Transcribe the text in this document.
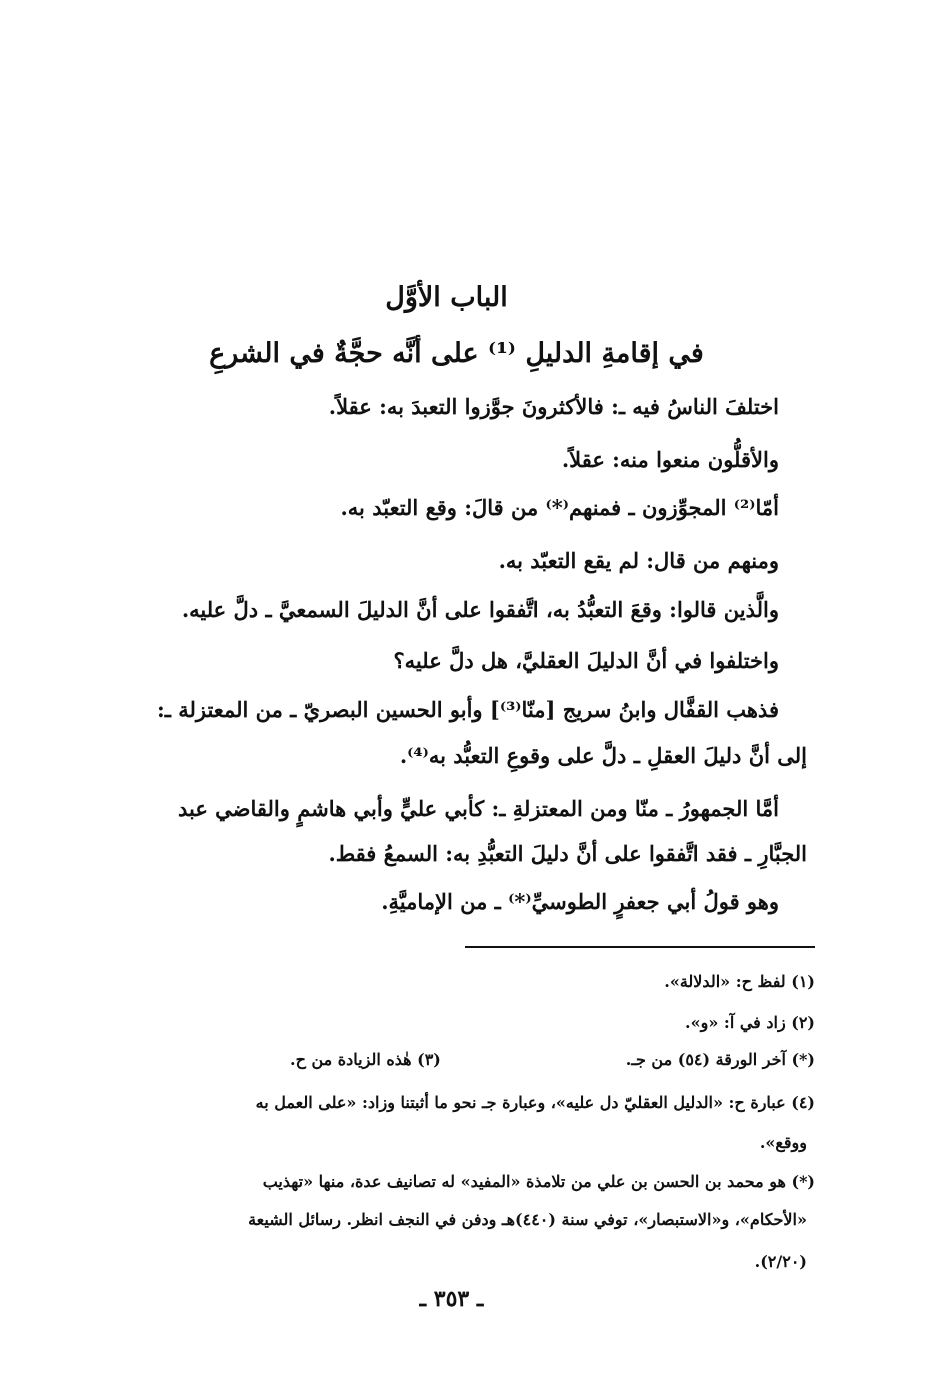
الباب الأوَّل
في إقامةِ الدليلِ ⁽¹⁾ على أنَّه حجَّةٌ في الشرعِ
اختلفَ الناسُ فيه ـ: فالأكثرونَ جوَّزوا التعبدَ به: عقلاً.
والأقلُّون منعوا منه: عقلاً.
أمّا⁽²⁾ المجوِّزون ـ فمنهم⁽*⁾ من قالَ: وقع التعبّد به.
ومنهم من قال: لم يقع التعبّد به.
والَّذين قالوا: وقعَ التعبُّدُ به، اتَّفقوا على أنَّ الدليلَ السمعيَّ ـ دلَّ عليه.
واختلفوا في أنَّ الدليلَ العقليَّ، هل دلَّ عليه؟
فذهب القفَّال وابنُ سريج [منّا⁽³⁾] وأبو الحسين البصريّ ـ من المعتزلة ـ:
إلى أنَّ دليلَ العقلِ ـ دلَّ على وقوعِ التعبُّد به⁽⁴⁾.
أمَّا الجمهورُ ـ منّا ومن المعتزلةِ ـ: كأبي عليٍّ وأبي هاشمٍ والقاضي عبد
الجبَّارِ ـ فقد اتَّفقوا على أنَّ دليلَ التعبُّدِ به: السمعُ فقط.
وهو قولُ أبي جعفرٍ الطوسيِّ⁽*⁾ ـ من الإماميَّةِ.
(١) لفظ ح: «الدلالة».
(٢) زاد في آ: «و».
(*) آخر الورقة (٥٤) من جـ.
(٣) هٰذه الزيادة من ح.
(٤) عبارة ح: «الدليل العقليّ دل عليه»، وعبارة جـ نحو ما أثبتنا وزاد: «على العمل به
ووقع».
(*) هو محمد بن الحسن بن علي من تلامذة «المفيد» له تصانيف عدة، منها «تهذيب
«الأحكام»، و«الاستبصار»، توفي سنة (٤٤٠)هـ ودفن في النجف انظر. رسائل الشيعة
(٢/٢٠).
ـ ٣٥٣ ـ
